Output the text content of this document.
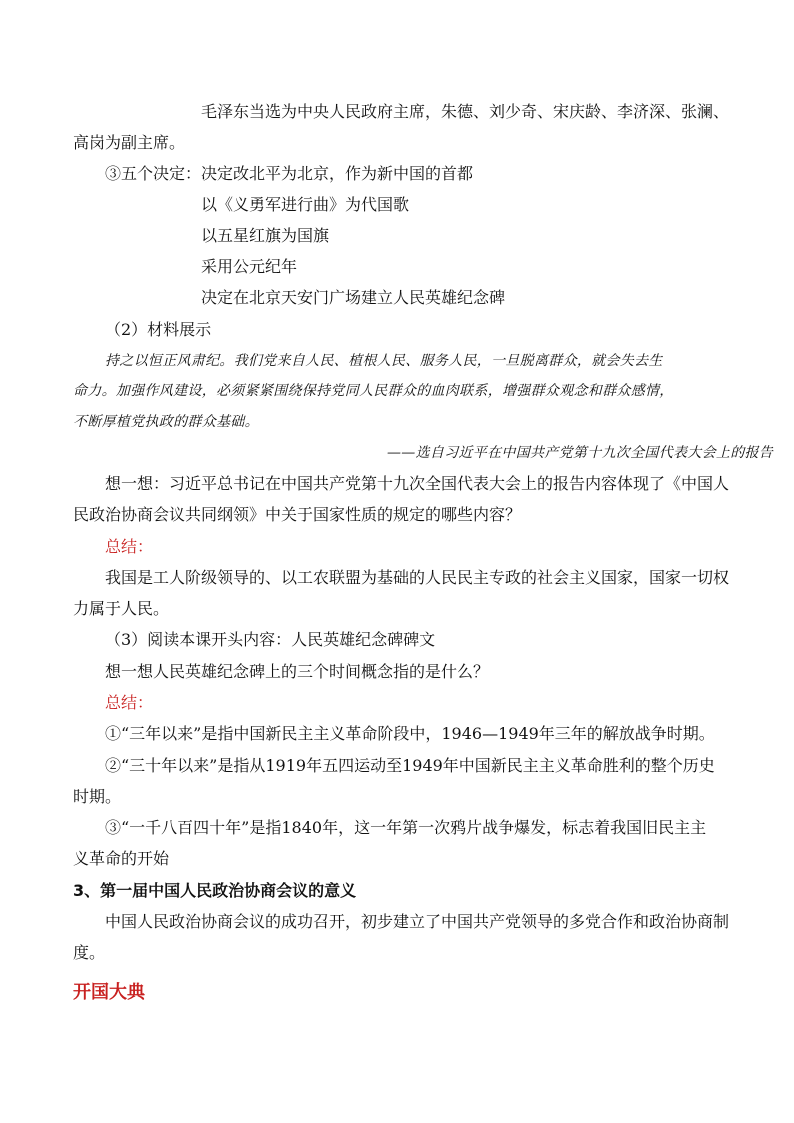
毛泽东当选为中央人民政府主席，朱德、刘少奇、宋庆龄、李济深、张澜、
高岗为副主席。
③五个决定：决定改北平为北京，作为新中国的首都
以《义勇军进行曲》为代国歌
以五星红旗为国旗
采用公元纪年
决定在北京天安门广场建立人民英雄纪念碑
（2）材料展示
持之以恒正风肃纪。我们党来自人民、植根人民、服务人民，一旦脱离群众，就会失去生
命力。加强作风建设，必须紧紧围绕保持党同人民群众的血肉联系，增强群众观念和群众感情，
不断厚植党执政的群众基础。
——选自习近平在中国共产党第十九次全国代表大会上的报告
想一想：习近平总书记在中国共产党第十九次全国代表大会上的报告内容体现了《中国人
民政治协商会议共同纲领》中关于国家性质的规定的哪些内容？
总结：
我国是工人阶级领导的、以工农联盟为基础的人民民主专政的社会主义国家，国家一切权
力属于人民。
（3）阅读本课开头内容：人民英雄纪念碑碑文
想一想人民英雄纪念碑上的三个时间概念指的是什么？
总结：
①“三年以来”是指中国新民主主义革命阶段中，1946—1949年三年的解放战争时期。
②“三十年以来”是指从1919年五四运动至1949年中国新民主主义革命胜利的整个历史
时期。
③“一千八百四十年”是指1840年，这一年第一次鸦片战争爆发，标志着我国旧民主主
义革命的开始
3、第一届中国人民政治协商会议的意义
中国人民政治协商会议的成功召开，初步建立了中国共产党领导的多党合作和政治协商制
度。
开国大典
